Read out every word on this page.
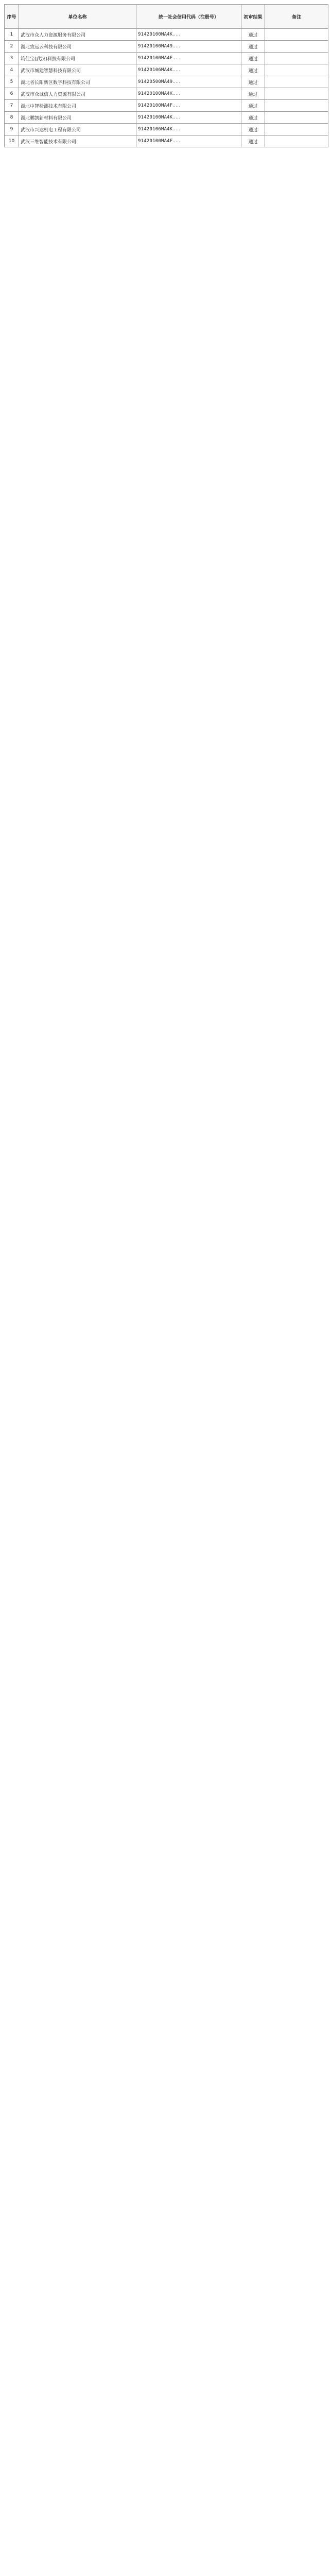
序号	单位名称	统一社会信用代码（注册号）	初审结果	备注
1	武汉市众人力资源服务有限公司	91420100MA4K...	通过	
2	湖北致远云科技有限公司	91420100MA49...	通过	
3	筑佳宝(武汉)科技有限公司	91420100MA4F...	通过	
4	武汉市城建智慧科技有限公司	91420106MA4K...	通过	
5	湖北省长阳新区数字科技有限公司	91420500MA49...	通过	
6	武汉市众诚信人力资源有限公司	91420100MA4K...	通过	
7	湖北中智检测技术有限公司	91420100MA4F...	通过	
8	湖北鹏凯新材料有限公司	91420100MA4K...	通过	
9	武汉市兴达机电工程有限公司	91420106MA4K...	通过	
10	武汉三维智能技术有限公司	91420100MA4F...	通过	
